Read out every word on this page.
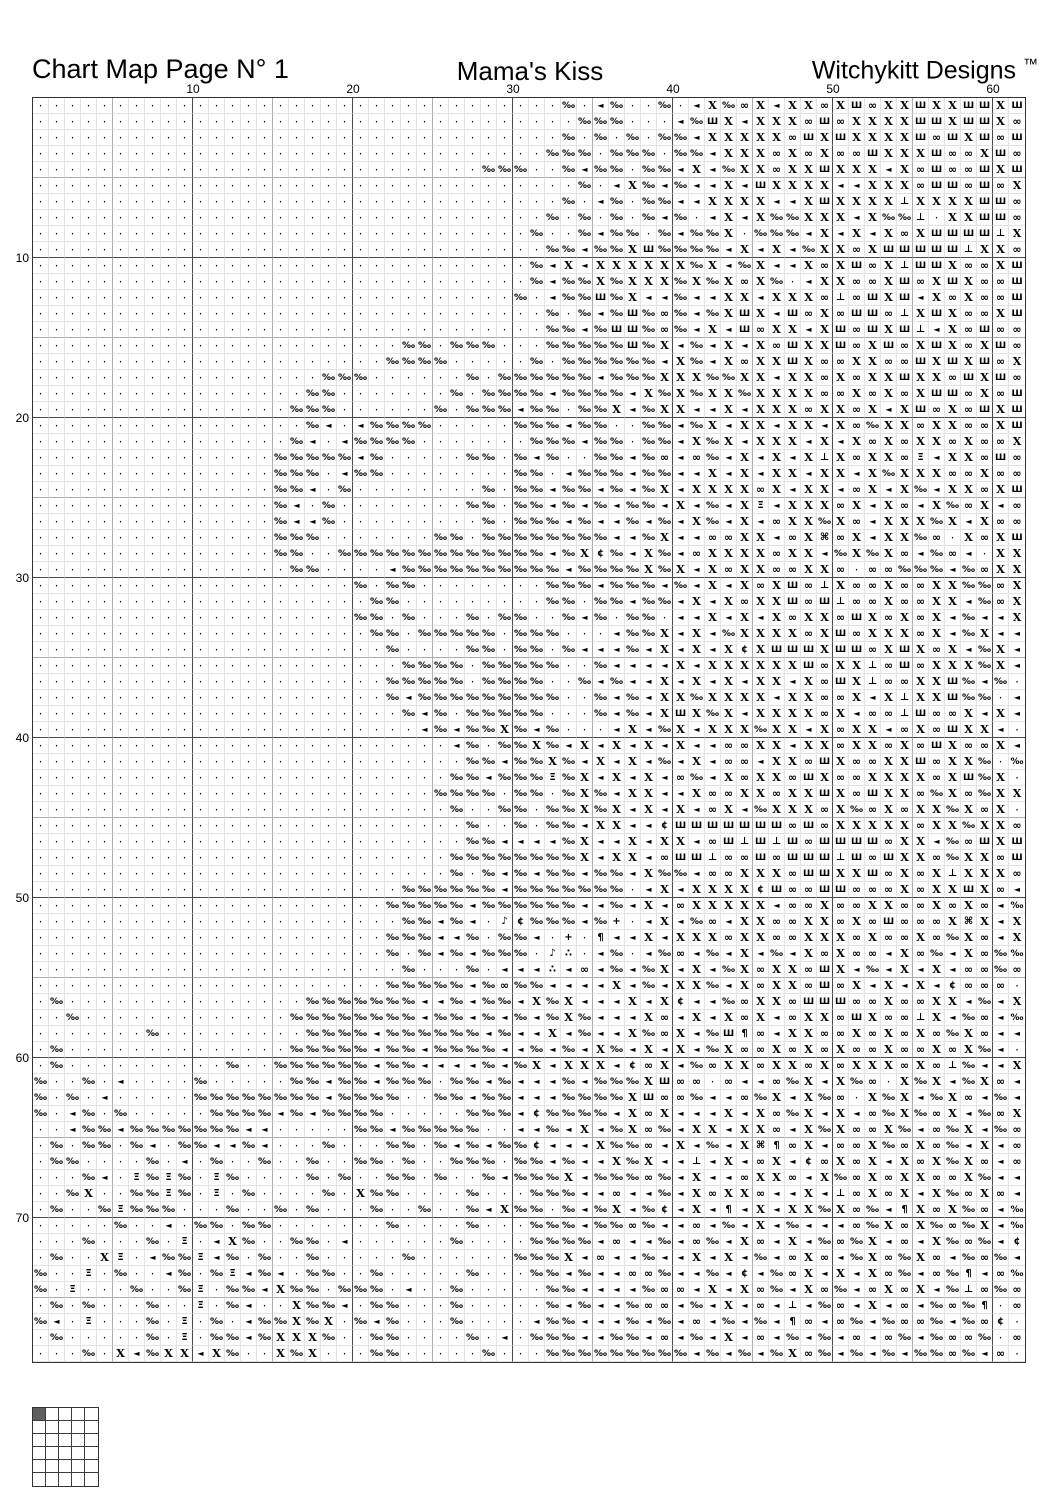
Chart Map Page N° 1	Mama's Kiss	Witchykitt Designs ™
·	·	·	·	·	·	·	·	·	·	·	·	·	·	·	·	·	·	·	·	·	·	·	·	·	·	·	·	·	·	·	·	· ‰ ·	◄ ‰ ·	· ‰ ·	◄ X ‰ ∞ X	◄ X X ∞ X Ш ∞ X X Ш X X Ш Ш X Ш
·	·	·	·	·	·	·	·	·	·	·	·	·	·	·	·	·	·	·	·	·	·	·	·	·	·	·	·	·	·	·	·	·	· ‰ ‰ ‰ ·	·	·	◄ ‰ Ш X	◄ X X X ∞ Ш ∞ X X X X Ш Ш X Ш Ш X ∞
·	·	·	·	·	·	·	·	·	·	·	·	·	·	·	·	·	·	·	·	·	·	·	·	·	·	·	·	·	·	·	·	· ‰ · ‰ · ‰ · ‰ ‰ ◄ X X X X X ∞ Ш X Ш X X X X Ш ∞ Ш X Ш ∞ Ш
·	·	·	·	·	·	·	·	·	·	·	·	·	·	·	·	·	·	·	·	·	·	·	·	·	·	·	·	·	·	·	· ‰ ‰ ‰ · ‰ ‰ ‰ · ‰ ‰ ◄ X X X ∞ X ∞ X ∞ ∞ Ш X X X Ш ∞ ∞ X Ш ∞
·	·	·	·	·	·	·	·	·	·	·	·	·	·	·	·	·	·	·	·	·	·	·	·	·	·	·	· ‰ ‰ ‰ ·	· ‰ ◄ ‰ ‰ · ‰ ‰ ◄ X	◄ ‰ X X ∞ X X Ш X X X	◄ X ∞ Ш ∞ ∞ Ш X Ш
·	·	·	·	·	·	·	·	·	·	·	·	·	·	·	·	·	·	·	·	·	·	·	·	·	·	·	·	·	·	·	·	·	· ‰ ·	◄ X ‰ ◄ ‰ ◄	◄ X	◄ Ш X X X X	◄	◄ X X X ∞ Ш Ш ∞ Ш ∞ X
·	·	·	·	·	·	·	·	·	·	·	·	·	·	·	·	·	·	·	·	·	·	·	·	·	·	·	·	·	·	·	·	· ‰ ·	◄ ‰ · ‰ ‰ ◄	◄ X X X X	◄	◄ X Ш X X X X ⊥ X X X X Ш Ш ∞
·	·	·	·	·	·	·	·	·	·	·	·	·	·	·	·	·	·	·	·	·	·	·	·	·	·	·	·	·	·	·	· ‰ · ‰ · ‰ · ‰ ◄ ‰ ·	◄ X	◄ X ‰ ‰ X X X	◄ X ‰ ‰ ⊥ · X X Ш Ш ∞
·	·	·	·	·	·	·	·	·	·	·	·	·	·	·	·	·	·	·	·	·	·	·	·	·	·	·	·	·	·	· ‰ ·	· ‰ ◄ ‰ ‰ · ‰ ◄ ‰ ‰ X · ‰ ‰ ‰ ◄ X	◄ X	◄ X ∞ X Ш Ш Ш Ш ⊥ X
·	·	·	·	·	·	·	·	·	·	·	·	·	·	·	·	·	·	·	·	·	·	·	·	·	·	·	·	·	·	·	· ‰ ‰ ◄ ‰ ‰ X Ш ‰ ‰ ‰ ‰ ◄ X	◄ X	◄ ‰ X X ∞ X Ш Ш Ш Ш Ш ⊥ X X ∞
·	·	·	·	·	·	·	·	·	·	·	·	·	·	·	·	·	·	·	·	·	·	·	·	·	·	·	·	·	·	· ‰ ◄ X	◄ X X X X X X ‰ X	◄ ‰ X	◄	◄ X ∞ X Ш ∞ X ⊥ Ш Ш X ∞ ∞ X Ш
·	·	·	·	·	·	·	·	·	·	·	·	·	·	·	·	·	·	·	·	·	·	·	·	·	·	·	·	·	·	· ‰ ◄ ‰ ‰ X ‰ X X X ‰ X ‰ X ∞ X ‰ ·	◄ X X ∞ ∞ X Ш ∞ X Ш X ∞ ∞ Ш
·	·	·	·	·	·	·	·	·	·	·	·	·	·	·	·	·	·	·	·	·	·	·	·	·	·	·	·	·	· ‰ ·	◄ ‰ ‰ Ш ‰ X	◄	◄ ‰ ◄	◄ X X	◄ X X X ∞ ⊥ ∞ Ш X Ш ◄ X ∞ X ∞ ∞ Ш
·	·	·	·	·	·	·	·	·	·	·	·	·	·	·	·	·	·	·	·	·	·	·	·	·	·	·	·	·	·	·	· ‰ · ‰ ◄ ‰ Ш ‰ ∞ ‰ ◄ ‰ X Ш X	◄ Ш ∞ X ∞ Ш Ш ∞ ⊥ X Ш X ∞ ∞ X Ш
·	·	·	·	·	·	·	·	·	·	·	·	·	·	·	·	·	·	·	·	·	·	·	·	·	·	·	·	·	·	·	· ‰ ‰ ◄ ‰ Ш Ш ‰ ∞ ‰ ◄ X	◄ Ш ∞ X X	◄ X Ш ∞ Ш X Ш ⊥	◄ X ∞ Ш ∞ ∞
·	·	·	·	·	·	·	·	·	·	·	·	·	·	·	·	·	·	·	·	·	·	· ‰ ‰ · ‰ ‰ ‰ ·	·	· ‰ ‰ ‰ ‰ ‰ Ш ‰ X	◄ ‰ ◄ X	◄ X ∞ Ш X X Ш ∞ X Ш ∞ X Ш X ∞ X Ш ∞
·	·	·	·	·	·	·	·	·	·	·	·	·	·	·	·	·	·	·	·	·	· ‰ ‰ ‰ ‰ ·	·	·	·	· ‰ · ‰ ‰ ‰ ‰ ‰ ‰ ◄ X ‰ ◄ X ∞ X X Ш X ∞ ∞ X X ∞ ∞ Ш X Ш X Ш ∞ X
·	·	·	·	·	·	·	·	·	·	·	·	·	·	·	·	·	· ‰ ‰ ‰ ·	·	·	·	·	· ‰ · ‰ ‰ ‰ ‰ ‰ ‰ ◄ ‰ ‰ ‰ X X X ‰ ‰ X X	◄ X X ∞ X ∞ X X Ш X X ∞ Ш X Ш ∞
·	·	·	·	·	·	·	·	·	·	·	·	·	·	·	·	· ‰ ‰ ·	·	·	·	·	·	· ‰ · ‰ ‰ ‰ ‰ ◄ ‰ ‰ ‰ ‰ ◄ X ‰ X ‰ X X ‰ X X X X ∞ ∞ X ∞ X ∞ X Ш Ш ∞ X ∞ Ш
·	·	·	·	·	·	·	·	·	·	·	·	·	·	·	· ‰ ‰ ‰ ·	·	·	·	·	· ‰ · ‰ ‰ ‰ ◄ ‰ ‰ · ‰ ‰ X	◄ ‰ X X	◄	◄ X	◄ X X X ∞ X X ∞ X	◄ X Ш ∞ X ∞ Ш X Ш
·	·	·	·	·	·	·	·	·	·	·	·	·	·	·	·	· ‰ ◄ ·	◄ ‰ ‰ ‰ ‰ ·	·	·	·	· ‰ ‰ ‰ ◄ ‰ ‰ ·	· ‰ ‰ ◄ ‰ X	◄ X X	◄ X X	◄ X ∞ ‰ X X ∞ X X ∞ ∞ X Ш
·	·	·	·	·	·	·	·	·	·	·	·	·	·	·	· ‰ ◄ ·	◄ ‰ ‰ ‰ ‰ ·	·	·	·	·	·	· ‰ ‰ ‰ ◄ ‰ ‰ · ‰ ‰ ◄ X ‰ X	◄ X X X	◄ X	◄ X ∞ X ∞ X X ∞ X ∞ ∞ X
·	·	·	·	·	·	·	·	·	·	·	·	·	·	· ‰ ‰ ‰ ‰ ‰ ◄ ‰ ·	·	·	·	· ‰ ‰ · ‰ ◄ ‰ ·	· ‰ ‰ ◄ ‰ ∞	◄ ∞ ‰ ◄ X	◄ X	◄ X ⊥ X ∞ X X ∞ Ξ	◄ X X ∞ Ш ∞
·	·	·	·	·	·	·	·	·	·	·	·	·	·	· ‰ ‰ ‰ ·	◄ ‰ ‰ ·	·	·	·	·	·	·	· ‰ ‰ ·	◄ ‰ ‰ ‰ ◄ ‰ ‰ ◄	◄ X	◄ X	◄ X X	◄ X X	◄ X ‰ X X X ∞ ∞ X ∞ ∞
·	·	·	·	·	·	·	·	·	·	·	·	·	·	· ‰ ‰ ◄ · ‰ ·	·	·	·	·	·	·	· ‰ · ‰ ‰ ◄ ‰ ‰ ◄ ‰ ◄ ‰ X	◄ X X X X ∞ X	◄ X X	◄ ∞ X	◄ X ‰ ◄ X X ∞ X Ш
·	·	·	·	·	·	·	·	·	·	·	·	·	·	· ‰ ◄ · ‰ ·	·	·	·	·	·	·	· ‰ ‰ · ‰ ‰ ◄ ‰ ◄ ‰ ◄ ‰ ‰ ◄ X	◄ ‰ ◄ X Ξ	◄ X X X ∞ X	◄ X ∞	◄ X ‰ ∞ X	◄ ∞
·	·	·	·	·	·	·	·	·	·	·	·	·	·	· ‰ ◄	◄ ‰ ·	·	·	·	·	·	·	·	· ‰ · ‰ ‰ ‰ ◄ ‰ ◄	◄ ‰ ◄ ‰ ◄ X ‰ ◄ X	◄ ∞ X X ‰ X ∞	◄ X X X ‰ X	◄ X ∞ ∞
·	·	·	·	·	·	·	·	·	·	·	·	·	·	· ‰ ‰ ‰ ·	·	·	·	·	·	· ‰ ‰ · ‰ ‰ ‰ ‰ ‰ ‰ ‰ ‰ ◄	◄ ‰ X	◄	◄ ∞ ∞ X X	◄ ∞ X ⌘ ∞ X	◄ X X ‰ ∞ · X ∞ X Ш
·	·	·	·	·	·	·	·	·	·	·	·	·	·	· ‰ ‰ ·	· ‰ ‰ ‰ ‰ ‰ ‰ ‰ ‰ ‰ ‰ ‰ ‰ ‰ ◄ ‰ X ¢ ‰ ◄ X ‰ ◄ ∞ X X X X ∞ X X	◄ ‰ X ‰ X ∞	◄ ‰ ∞	◄ · X X
·	·	·	·	·	·	·	·	·	·	·	·	·	·	·	· ‰ ‰ ·	·	·	·	◄ ‰ ‰ ‰ ‰ ‰ ‰ ‰ ‰ ‰ ‰ ◄ ‰ ‰ ‰ ‰ X ‰ X	◄ X ∞ X X ∞ ∞ X X ∞ · ∞ ∞ ‰ ‰ ‰ ◄ ‰ ∞ X X
·	·	·	·	·	·	·	·	·	·	·	·	·	·	·	·	·	·	·	· ‰ · ‰ ‰ ·	·	·	·	·	·	·	· ‰ ‰ ‰ ◄ ‰ ‰ ‰ ◄ ‰ ◄ X	◄ X ∞ X Ш ∞ ⊥ X ∞ ∞ X ∞ ∞ X X ‰ ‰ ∞ X
·	·	·	·	·	·	·	·	·	·	·	·	·	·	·	·	·	·	·	·	· ‰ ‰ ·	·	·	·	·	·	·	·	· ‰ ‰ · ‰ ‰ ◄ ‰ ‰ ◄ X	◄ X ∞ X X Ш ∞ Ш ⊥ ∞ ∞ X ∞ ∞ X X	◄ ‰ ∞ X
·	·	·	·	·	·	·	·	·	·	·	·	·	·	·	·	·	·	·	· ‰ ‰ · ‰ ·	·	· ‰ · ‰ ‰ ·	· ‰ ◄ ‰ · ‰ ‰ ·	◄	◄ X	◄ X	◄ X ∞ X X ∞ Ш X ∞ X ∞ X	◄ ‰ ◄	◄ X
·	·	·	·	·	·	·	·	·	·	·	·	·	·	·	·	·	·	·	·	· ‰ ‰ · ‰ ‰ ‰ ‰ ‰ · ‰ ‰ ‰ ·	·	·	◄ ‰ ‰ X	◄ X	◄ ‰ X X X X ∞ X Ш ∞ X X X ∞ X	◄ ‰ X	◄	◄
·	·	·	·	·	·	·	·	·	·	·	·	·	·	·	·	·	·	·	·	·	· ‰ ·	·	·	· ‰ ‰ · ‰ ‰ · ‰ ◄	◄	◄ ‰ ◄ X	◄ X	◄ X ¢ X Ш Ш Ш X Ш Ш ∞ X Ш X ∞ X	◄ ‰ X	◄
·	·	·	·	·	·	·	·	·	·	·	·	·	·	·	·	·	·	·	·	·	·	· ‰ ‰ ‰ ‰ · ‰ ‰ ‰ ‰ ‰ ·	· ‰ ◄	◄	◄	◄ X	◄ X X X X X X Ш ∞ X X ⊥ ∞ Ш ∞ X X X ‰ X	◄
·	·	·	·	·	·	·	·	·	·	·	·	·	·	·	·	·	·	·	·	·	· ‰ ‰ ‰ ‰ ‰ · ‰ ‰ ‰ ‰ ·	· ‰ ◄ ‰ ◄	◄ X	◄ X	◄ X	◄ X X	◄ X ∞ Ш X ⊥ ∞ ∞ X X Ш ‰ ◄ ‰ ·
·	·	·	·	·	·	·	·	·	·	·	·	·	·	·	·	·	·	·	·	·	· ‰ ◄ ‰ ‰ ‰ ‰ ‰ ‰ ‰ ‰ ‰ ·	· ‰ ◄ ‰ ◄ X X ‰ X X X X	◄ X X ∞ ∞ X	◄ X ⊥ X X Ш ‰ ‰ ·	◄
·	·	·	·	·	·	·	·	·	·	·	·	·	·	·	·	·	·	·	·	·	·	· ‰ ◄ ‰ · ‰ ‰ ‰ ‰ ‰ ·	·	· ‰ ◄ ‰ ◄ X Ш X ‰ X	◄ X X X X ∞ X	◄ ∞ ∞ ⊥ Ш ∞ ∞ X	◄ X	◄
·	·	·	·	·	·	·	·	·	·	·	·	·	·	·	·	·	·	·	·	·	·	·	·	◄ ‰ ◄ ‰ ‰ X ‰ ◄ ‰ ·	·	·	◄ X	◄ ‰ X	◄ X X X ‰ X X	◄ X ∞ X X	◄ ∞ X ∞ Ш X X	◄ ·
·	·	·	·	·	·	·	·	·	·	·	·	·	·	·	·	·	·	·	·	·	·	·	·	·	·	◄ ‰ · ‰ ‰ X ‰ ◄ X	◄ X	◄ X	◄ X	◄	◄ ∞ ∞ X X	◄ X X ∞ X X ∞ X ∞ Ш X ∞ ∞ X	◄
·	·	·	·	·	·	·	·	·	·	·	·	·	·	·	·	·	·	·	·	·	·	·	·	·	·	· ‰ ‰ ◄ ‰ ‰ X ‰ ◄ X	◄ X	◄ ‰ ◄ X	◄ ∞ ∞	◄ X X ∞ Ш X ∞ ∞ X X Ш ∞ X X ‰ · ‰
·	·	·	·	·	·	·	·	·	·	·	·	·	·	·	·	·	·	·	·	·	·	·	·	·	· ‰ ‰ ◄ ‰ ‰ ‰ Ξ ‰ X	◄ X	◄ X	◄ ∞ ‰ ◄ X ∞ X X ∞ Ш X ∞ ∞ X X X X ∞ X Ш ‰ X ·
·	·	·	·	·	·	·	·	·	·	·	·	·	·	·	·	·	·	·	·	·	·	·	·	· ‰ ‰ ‰ ‰ · ‰ ‰ · ‰ X ‰ ◄ X X	◄	◄ X ∞ ∞ X X ∞ X X Ш X ∞ Ш X X ∞ ‰ X ∞ ‰ X X
·	·	·	·	·	·	·	·	·	·	·	·	·	·	·	·	·	·	·	·	·	·	·	·	·	· ‰ ·	· ‰ ‰ · ‰ ‰ X ‰ X	◄ X	◄ X	◄ ∞ X	◄ ‰ X X X ∞ X ‰ ∞ X ∞ X X ‰ X ∞ X ·
·	·	·	·	·	·	·	·	·	·	·	·	·	·	·	·	·	·	·	·	·	·	·	·	·	·	· ‰ ·	· ‰ · ‰ ‰ ◄ X X	◄	◄ ¢ Ш Ш Ш Ш Ш Ш Ш ∞ Ш ∞ X X X X X ∞ X X ‰ X X ∞
·	·	·	·	·	·	·	·	·	·	·	·	·	·	·	·	·	·	·	·	·	·	·	·	·	·	· ‰ ‰ ◄	◄	◄	◄ ‰ X	◄	◄ X	◄ X X	◄ ∞ Ш ⊥ Ш ⊥ Ш ∞ Ш Ш Ш Ш ∞ X X	◄ ‰ ∞ Ш X Ш
·	·	·	·	·	·	·	·	·	·	·	·	·	·	·	·	·	·	·	·	·	·	·	·	·	· ‰ ‰ ‰ ‰ ‰ ‰ ‰ ‰ X	◄ X X	◄ ∞ Ш Ш ⊥ ∞ ∞ Ш ∞ Ш Ш Ш ⊥ Ш ∞ Ш X X ∞ ‰ X X ∞ Ш
·	·	·	·	·	·	·	·	·	·	·	·	·	·	·	·	·	·	·	·	·	·	·	·	·	· ‰ · ‰ ◄ ‰ ◄ ‰ ‰ ◄ ‰ ‰ ◄ X ‰ ‰ ◄ ∞ ∞ X X X ∞ Ш Ш X X Ш ∞ X ∞ X ⊥ X X X ∞
·	·	·	·	·	·	·	·	·	·	·	·	·	·	·	·	·	·	·	·	·	·	· ‰ ‰ ‰ ‰ ‰ ‰ ◄ ‰ ‰ ‰ ‰ ‰ ‰ ‰ ·	◄ X	◄ X X X X ¢ Ш ∞ ∞ Ш Ш ∞ ∞ ∞ X ∞ X X Ш X ∞	◄
·	·	·	·	·	·	·	·	·	·	·	·	·	·	·	·	·	·	·	·	·	· ‰ ‰ ‰ ‰ ‰ ◄ ‰ ‰ ‰ ‰ ‰ ‰ ◄	◄ ‰ ◄ X	◄ ∞ X X X X X	◄ ∞ ∞ X ∞ ∞ X X ∞ ∞ X ∞ X ∞	◄ ‰
·	·	·	·	·	·	·	·	·	·	·	·	·	·	·	·	·	·	·	·	·	·	· ‰ ‰ ◄ ‰ ◄ ·	♪ ¢ ‰ ‰ ‰ ◄ ‰ + ·	◄ X	◄ ‰ ∞	◄ X X ∞ ∞ X X ∞ X ∞ Ш ∞ ∞ ∞ X ⌘ X	◄ X
·	·	·	·	·	·	·	·	·	·	·	·	·	·	·	·	·	·	·	·	·	· ‰ ‰ ‰ ◄	◄ ‰ · ‰ ‰ ◄ · + ·	¶	◄	◄ X	◄ X X X ∞ X X ∞ ∞ X X X ∞ X ∞ ∞ X ∞ ‰ X ∞	◄ X
·	·	·	·	·	·	·	·	·	·	·	·	·	·	·	·	·	·	·	·	·	· ‰ · ‰ ◄ ‰ ◄ ‰ ‰ ‰ ·	♪ ∴ ·	◄ ‰ ·	◄ ‰ ∞	◄ ‰ ◄ X	◄ ‰ ◄ X ∞ X ∞ ∞	◄ X ∞ ‰ ◄ X ∞ ‰ ‰
·	·	·	·	·	·	·	·	·	·	·	·	·	·	·	·	·	·	·	·	·	·	· ‰ ·	·	· ‰ ·	◄	◄	◄ ∴	◄ ∞	◄ ‰ ◄ ‰ X	◄ X	◄ ‰ X ∞ X X ∞ Ш X	◄ ‰ ◄ X	◄ X	◄ ∞ ∞ ‰ ∞
·	·	·	·	·	·	·	·	·	·	·	·	·	·	·	·	·	·	·	·	·	· ‰ ‰ ‰ ‰ ‰ ◄ ‰ ∞ ‰ ‰ ◄	◄	◄	◄ X	◄ ‰ ◄ X X ‰ ◄ X ∞ X X ∞ Ш ∞ X	◄ X	◄ X	◄ ¢ ∞ ∞ ∞ ·
· ‰ ·	·	·	·	·	·	·	·	·	·	·	·	·	·	· ‰ ‰ ‰ ‰ ‰ ‰ ‰ ◄	◄ ‰ ◄ ‰ ‰ ◄ X ‰ X	◄	◄	◄ X	◄ X ¢	◄	◄ ‰ ∞ X X ∞ Ш Ш Ш ∞ ∞ X ∞ ∞ X X	◄ ‰ ◄ X
·	· ‰ ·	·	·	·	·	·	·	·	·	·	·	·	· ‰ ‰ ‰ ‰ ‰ ‰ ‰ ‰ ◄ ‰ ‰ ◄ ‰ ◄ ‰ ◄ ‰ X ‰ ◄	◄	◄ X ∞	◄ X	◄ X ∞ X	◄ ∞ X X ∞ Ш X ∞ ∞ ⊥ X	◄ ‰ ∞	◄ ‰
·	·	·	·	·	·	· ‰ ·	·	·	·	·	·	·	·	· ‰ ‰ ‰ ‰ ◄ ‰ ‰ ‰ ‰ ‰ ‰ ◄ ‰ ◄	◄ X	◄ ‰ ◄	◄ X ‰ ∞ X	◄ ‰ Ш ¶ ∞	◄ X X ∞ ∞ X ∞ X ∞ X ∞ ‰ X ∞	◄	◄
· ‰ ·	·	·	·	·	·	·	·	·	·	·	·	·	· ‰ ‰ ‰ ‰ ‰ ◄ ‰ ‰ ◄ ‰ ‰ ‰ ‰ ◄	◄ ‰ ◄ ‰ ◄ X ‰ ◄ X	◄ X	◄ ‰ X ∞ ∞ X ∞ X ∞ X ∞ ∞ X ∞ ∞ X ∞ X ‰ ◄ ·
· ‰ ·	·	·	·	·	·	·	·	·	· ‰ ·	· ‰ ‰ ‰ ‰ ‰ ‰ ◄ ‰ ‰ ◄	◄	◄	◄ ‰ ◄ ‰ X	◄ X X X	◄ ¢ ∞ X	◄ ‰ ∞ X X ∞ X X ∞ X ∞ X X X ∞ X ∞ ⊥ ‰ ◄	◄ X
‰ ·	· ‰ ·	◄ ·	·	·	· ‰ ·	·	·	·	· ‰ ‰ ◄ ‰ ‰ ◄ ‰ ‰ ‰ · ‰ ‰ ◄ ‰ ◄	◄	◄ ‰ ◄ ‰ ‰ ‰ X Ш ∞ ∞ · ∞	◄	◄ ∞ ‰ X	◄ X ‰ ∞ · X ‰ X	◄ ‰ X ∞	◄
‰ · ‰ ·	◄ ·	·	·	·	· ‰ ‰ ‰ ‰ ‰ ‰ ‰ ‰ ◄ ‰ ‰ ‰ ‰ ·	· ‰ ‰ ◄ ‰ ‰ ◄	◄	◄ ‰ ‰ ‰ ‰ X Ш ∞ ∞ ‰ ◄	◄ ∞ ‰ X	◄ X ‰ ∞ · X ‰ X	◄ ‰ X ∞	◄ ‰ ◄
‰ ·	◄ ‰ · ‰ ·	·	·	·	· ‰ ‰ ‰ ‰ ◄ ‰ ◄ ‰ ‰ ‰ ‰ ·	·	·	·	· ‰ ‰ ‰ ◄ ¢ ‰ ‰ ‰ ‰ ◄ X ∞ X	◄	◄	◄ X	◄ X ∞ ‰ X	◄ X	◄ ∞ ‰ X ‰ ∞ X	◄ ‰ ∞ X
·	·	◄ ‰ ‰ ◄ ‰ ‰ ‰ ‰ ‰ ‰ ‰ ◄	◄ ·	·	·	·	· ‰ ‰ ◄ ‰ ‰ ‰ ‰ ‰ ·	·	◄	◄ ‰ ◄ X	◄ ‰ X ∞ ‰ ◄ X X	◄ X X ∞	◄ X ‰ X ∞ ∞ X ‰ ◄ ∞ ‰ X	◄ ‰ ∞
· ‰ · ‰ ‰ · ‰ ◄ · ‰ ‰ ◄	◄ ‰ ◄ ·	·	· ‰ ·	·	· ‰ ‰ · ‰ ◄ ‰ ◄ ‰ ‰ ¢	◄	◄	◄ X ‰ ‰ ∞	◄ X	◄ ‰ ◄ X ⌘ ¶ ∞ X	◄ ∞ ∞ X ‰ ∞ X ∞ ‰ ◄ X	◄ ∞
· ‰ ‰ ·	·	·	· ‰ ·	◄ · ‰ ·	· ‰ ·	· ‰ ·	· ‰ ‰ · ‰ ·	· ‰ ‰ ‰ · ‰ ‰ ◄ ‰ ◄	◄ X ‰ X	◄	◄ ⊥	◄ X	◄ ∞ X	◄ ¢ ∞ X ∞ X	◄ X ∞ X ‰ X ∞	◄ ∞
·	·	· ‰ ◄ ·	Ξ ‰ Ξ ‰ ·	Ξ ‰ ·	·	·	· ‰ · ‰ ·	· ‰ ‰ · ‰ ·	· ‰ ◄ ‰ ‰ ‰ X	◄ ‰ ‰ ‰ ∞ ‰ ◄ X	◄	◄ ∞ X X ∞	◄ X ‰ ∞ X ∞ X X ∞ ∞ X ‰ ◄	◄
·	· ‰ X ·	· ‰ ‰ Ξ ‰ ·	Ξ · ‰ ·	·	·	· ‰ · X ‰ ‰ ·	·	·	· ‰ ·	·	· ‰ ‰ ‰ ◄	◄ ∞	◄	◄ ‰ ◄ X ∞ X X ∞	◄	◄ X	◄ ⊥ ∞ X ∞ X	◄ X ‰ ∞ X ∞	◄
· ‰ ·	· ‰ Ξ ‰ ‰ ‰ ·	·	· ‰ ·	· ‰ · ‰ ·	·	· ‰ ·	· ‰ ·	· ‰ ◄ X ‰ ‰ · ‰ ◄ ‰ X	◄ ‰ ¢	◄ X	◄ ¶	◄ X	◄ X X ‰ X ∞ ‰ ◄ ¶ X ∞ X ‰ ∞	◄ ‰
·	·	·	·	· ‰ ·	·	◄ · ‰ ‰ · ‰ ‰ ·	·	·	·	·	·	· ‰ ·	·	·	· ‰ ·	·	· ‰ ‰ ‰ ◄ ‰ ‰ ∞ ‰ ◄	◄ ∞	◄ ‰ ◄ X	◄ ‰ ◄	◄	◄ ∞ ‰ X ∞ X ‰ ∞ ‰ X	◄ ‰
·	·	· ‰ ·	·	· ‰ ·	Ξ ·	◄ X ‰ ·	· ‰ ‰ ·	◄ ·	·	·	·	·	· ‰ ·	·	·	· ‰ ‰ ‰ ‰ ◄ ∞	◄	◄ ‰ ◄ ∞ ‰ ◄ X ∞	◄ X	◄ ‰ ∞ ‰ X	◄ ∞	◄ X ‰ ∞ ‰ ◄ ¢
· ‰ ·	· X Ξ ·	◄ ‰ ‰ Ξ	◄ ‰ · ‰ ·	· ‰ ·	·	·	·	· ‰ ·	·	·	·	·	· ‰ ‰ ‰ X	◄ ∞	◄	◄ ‰ ◄	◄ X	◄ X	◄ ‰ ◄ ∞ X ∞	◄ ‰ X ∞ ‰ X ∞	◄ ‰ ∞ ‰ ◄
‰ ·	·	Ξ · ‰ ·	·	◄ ‰ · ‰ Ξ	◄ ‰ ◄ · ‰ ‰ ·	· ‰ ·	·	·	·	· ‰ ·	·	· ‰ ‰ ◄ ‰ ◄	◄ ∞ ∞ ‰ ◄	◄ ‰ ◄ ¢	◄ ‰ ∞ X	◄ X	◄ X ∞ ‰ ◄ ∞ ‰ ¶	◄ ∞ ‰
‰ ·	Ξ ·	·	· ‰ ·	· ‰ Ξ · ‰ ‰ ◄ X ‰ ‰ · ‰ ‰ ‰ ·	◄ ·	· ‰ ·	·	·	·	· ‰ ‰ ◄	◄	◄	◄ ‰ ∞ ∞	◄ X	◄ X ∞ ‰ ◄ X ∞ ‰ ◄ ∞ X ∞ X	◄ ‰ ⊥ ∞ ‰ ∞
· ‰ · ‰ ·	·	· ‰ ·	·	Ξ · ‰ ◄ ·	· X ‰ ‰ ◄ · ‰ ‰ ·	·	· ‰ ·	·	·	·	· ‰ ◄ ‰ ◄	◄ ‰ ∞ ∞	◄ ‰ ◄ X	◄ ∞	◄ ⊥	◄ ‰ ∞	◄ X	◄ ∞	◄ ‰ ∞ ‰ ¶ · ∞
‰ ◄ ·	Ξ ·	·	· ‰ ·	Ξ · ‰ ·	◄ ‰ ‰ X ‰ X · ‰ ◄ ‰ ·	·	· ‰ ·	·	·	·	◄ ‰ ‰ ◄	◄	◄ ‰ ◄ ‰ ◄ ∞	◄ ‰ ◄ ‰ ◄ ¶ ∞	◄ ∞ ‰ ◄ ‰ ∞ ∞ ‰ ◄ ‰ ∞ ¢ ·
· ‰ ·	·	·	·	· ‰ ·	Ξ · ‰ ‰ ◄ ‰ X X X ‰ ·	· ‰ ‰ ·	·	·	· ‰ ·	◄ · ‰ ‰ ‰ ◄	◄ ‰ ‰ ◄ ∞	◄ ‰ ◄ X	◄ ∞	◄ ‰ ◄ ‰ ◄ ∞	◄ ∞ ‰ ◄ ‰ ∞ ∞ ‰ · ∞
·	·	· ‰ · X	◄ ‰ X X	◄ X ‰ ·	· X ‰ X ·	·	· ‰ ‰ ·	·	·	·	· ‰ ·	·	· ‰ ‰ ‰ ‰ ‰ ‰ ‰ ‰ ‰ ◄ ‰ ◄ ‰ ◄ ‰ X ∞ ‰ ◄ ‰ ◄ ‰ ◄ ‰ ‰ ∞ ‰ ◄ ∞ ·
10	20	30	40	50	60
10
20
30
40
50
60
70
